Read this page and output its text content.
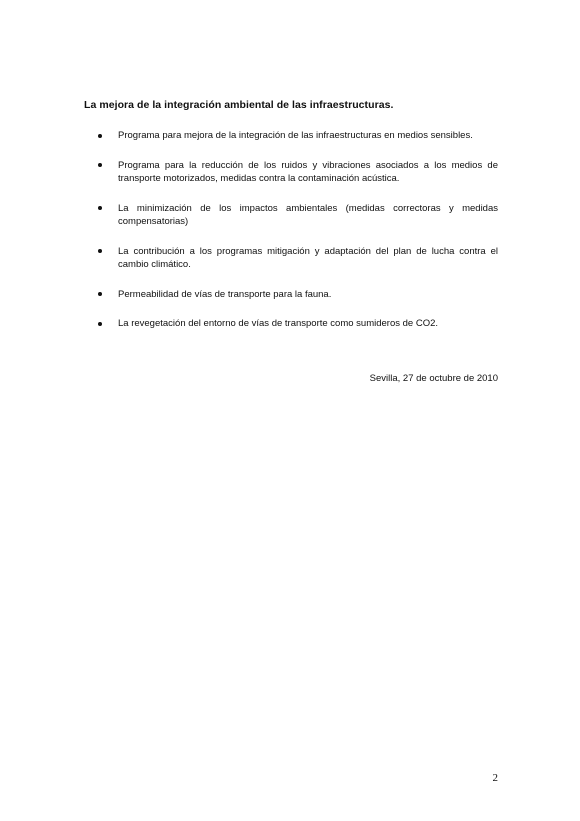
La mejora de la integración ambiental de las infraestructuras.
Programa para mejora de la integración de las infraestructuras en medios sensibles.
Programa para la reducción de los ruidos y vibraciones asociados a los medios de transporte motorizados, medidas contra la contaminación acústica.
La minimización de los impactos ambientales (medidas correctoras y medidas compensatorias)
La contribución a los programas mitigación y adaptación del plan de lucha contra el cambio climático.
Permeabilidad de vías de transporte para la fauna.
La revegetación del entorno de vías de transporte como sumideros de CO2.
Sevilla, 27 de octubre de 2010
2
